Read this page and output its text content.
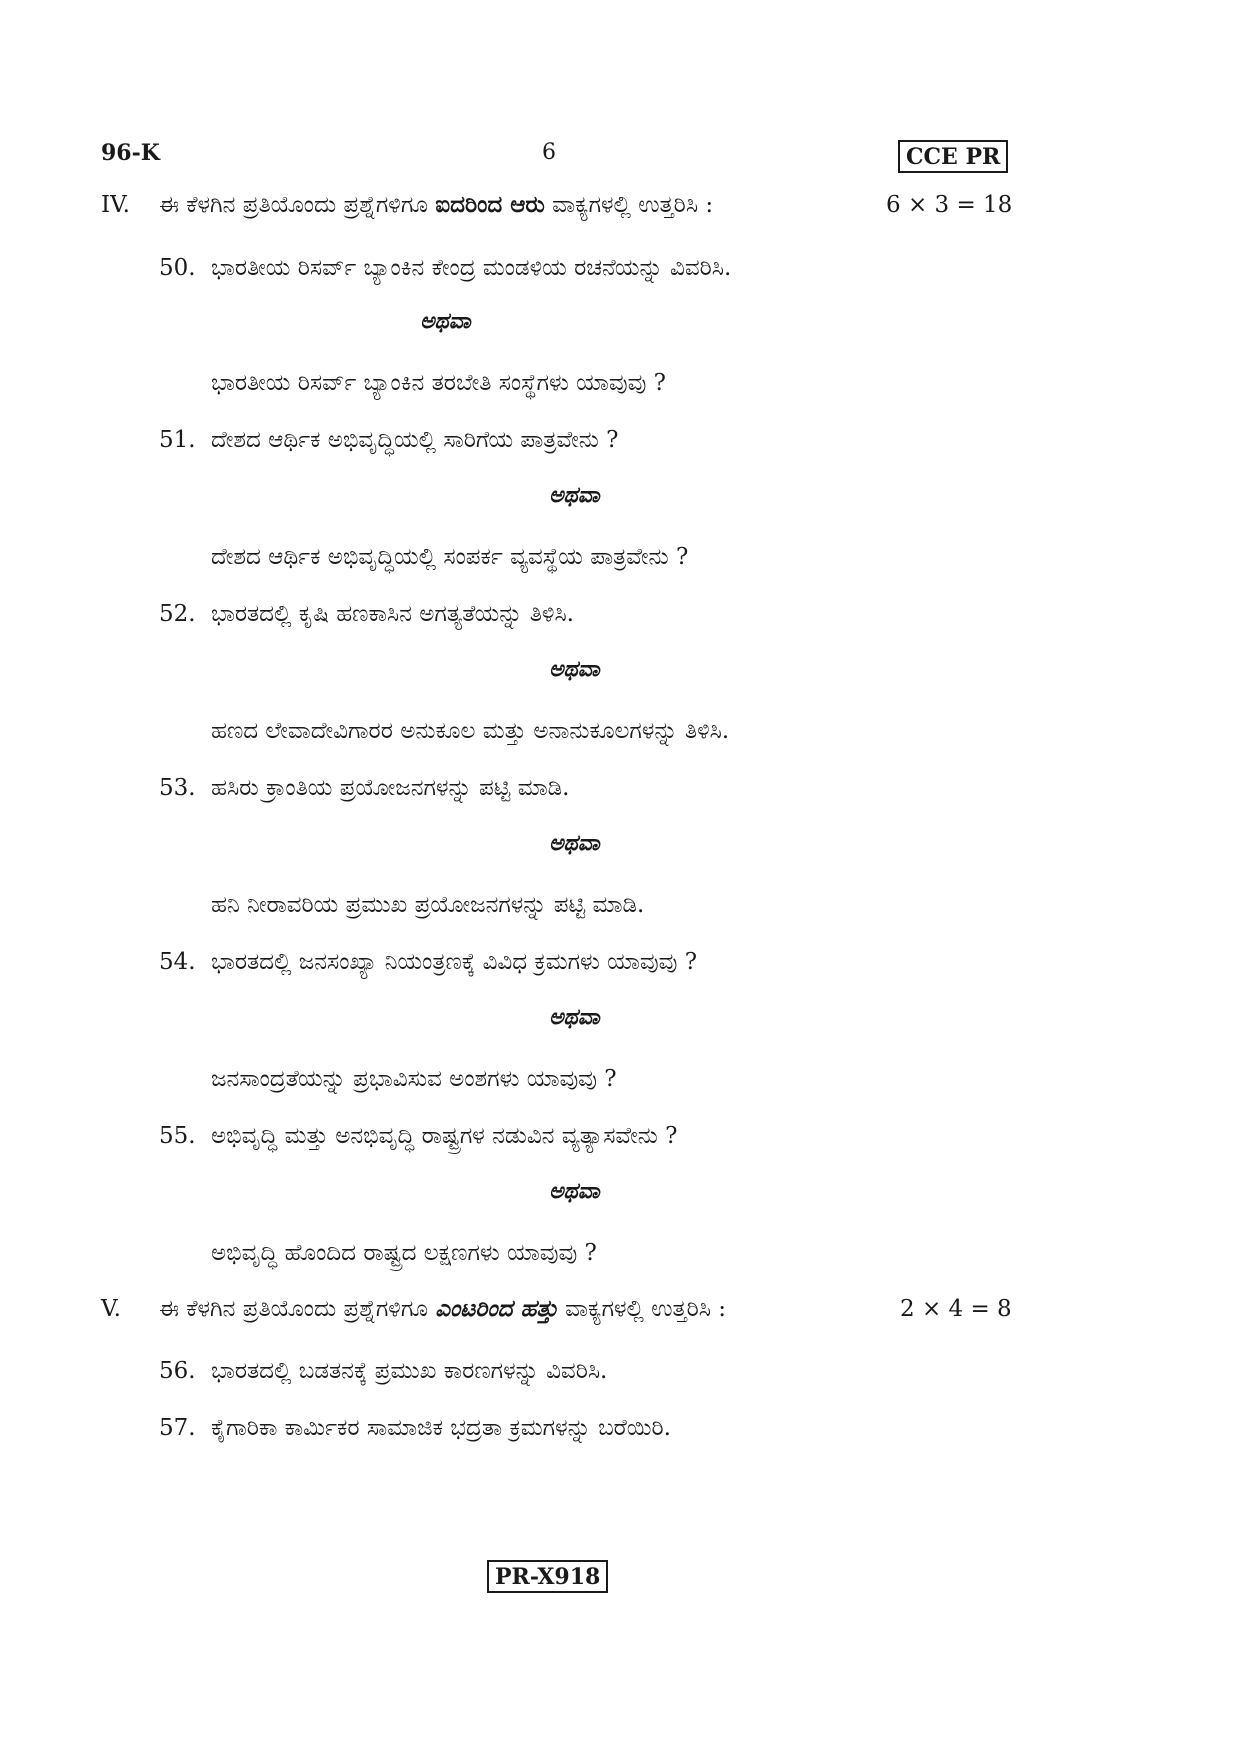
96-K	6	CCE PR
IV. ಈ ಕೆಳಗಿನ ಪ್ರತಿಯೊಂದು ಪ್ರಶ್ನೆಗಳಿಗೂ ಐದರಿಂದ ಆರು ವಾಕ್ಯಗಳಲ್ಲಿ ಉತ್ತರಿಸಿ :	6 × 3 = 18
50. ಭಾರತೀಯ ರಿಸರ್ವ್ ಬ್ಯಾಂಕಿನ ಕೇಂದ್ರ ಮಂಡಳಿಯ ರಚನೆಯನ್ನು ವಿವರಿಸಿ.
ಅಥವಾ
ಭಾರತೀಯ ರಿಸರ್ವ್ ಬ್ಯಾಂಕಿನ ತರಬೇತಿ ಸಂಸ್ಥೆಗಳು ಯಾವುವು ?
51. ದೇಶದ ಆರ್ಥಿಕ ಅಭಿವೃದ್ಧಿಯಲ್ಲಿ ಸಾರಿಗೆಯ ಪಾತ್ರವೇನು ?
ಅಥವಾ
ದೇಶದ ಆರ್ಥಿಕ ಅಭಿವೃದ್ಧಿಯಲ್ಲಿ ಸಂಪರ್ಕ ವ್ಯವಸ್ಥೆಯ ಪಾತ್ರವೇನು ?
52. ಭಾರತದಲ್ಲಿ ಕೃಷಿ ಹಣಕಾಸಿನ ಅಗತ್ಯತೆಯನ್ನು ತಿಳಿಸಿ.
ಅಥವಾ
ಹಣದ ಲೇವಾದೇವಿಗಾರರ ಅನುಕೂಲ ಮತ್ತು ಅನಾನುಕೂಲಗಳನ್ನು ತಿಳಿಸಿ.
53. ಹಸಿರು ಕ್ರಾಂತಿಯ ಪ್ರಯೋಜನಗಳನ್ನು ಪಟ್ಟಿ ಮಾಡಿ.
ಅಥವಾ
ಹನಿ ನೀರಾವರಿಯ ಪ್ರಮುಖ ಪ್ರಯೋಜನಗಳನ್ನು ಪಟ್ಟಿ ಮಾಡಿ.
54. ಭಾರತದಲ್ಲಿ ಜನಸಂಖ್ಯಾ ನಿಯಂತ್ರಣಕ್ಕೆ ವಿವಿಧ ಕ್ರಮಗಳು ಯಾವುವು ?
ಅಥವಾ
ಜನಸಾಂದ್ರತೆಯನ್ನು ಪ್ರಭಾವಿಸುವ ಅಂಶಗಳು ಯಾವುವು ?
55. ಅಭಿವೃದ್ಧಿ ಮತ್ತು ಅನಭಿವೃದ್ಧಿ ರಾಷ್ಟ್ರಗಳ ನಡುವಿನ ವ್ಯತ್ಯಾಸವೇನು ?
ಅಥವಾ
ಅಭಿವೃದ್ಧಿ ಹೊಂದಿದ ರಾಷ್ಟ್ರದ ಲಕ್ಷಣಗಳು ಯಾವುವು ?
V. ಈ ಕೆಳಗಿನ ಪ್ರತಿಯೊಂದು ಪ್ರಶ್ನೆಗಳಿಗೂ ಎಂಟರಿಂದ ಹತ್ತು ವಾಕ್ಯಗಳಲ್ಲಿ ಉತ್ತರಿಸಿ :	2 × 4 = 8
56. ಭಾರತದಲ್ಲಿ ಬಡತನಕ್ಕೆ ಪ್ರಮುಖ ಕಾರಣಗಳನ್ನು ವಿವರಿಸಿ.
57. ಕೈಗಾರಿಕಾ ಕಾರ್ಮಿಕರ ಸಾಮಾಜಿಕ ಭದ್ರತಾ ಕ್ರಮಗಳನ್ನು ಬರೆಯಿರಿ.
PR-X918
